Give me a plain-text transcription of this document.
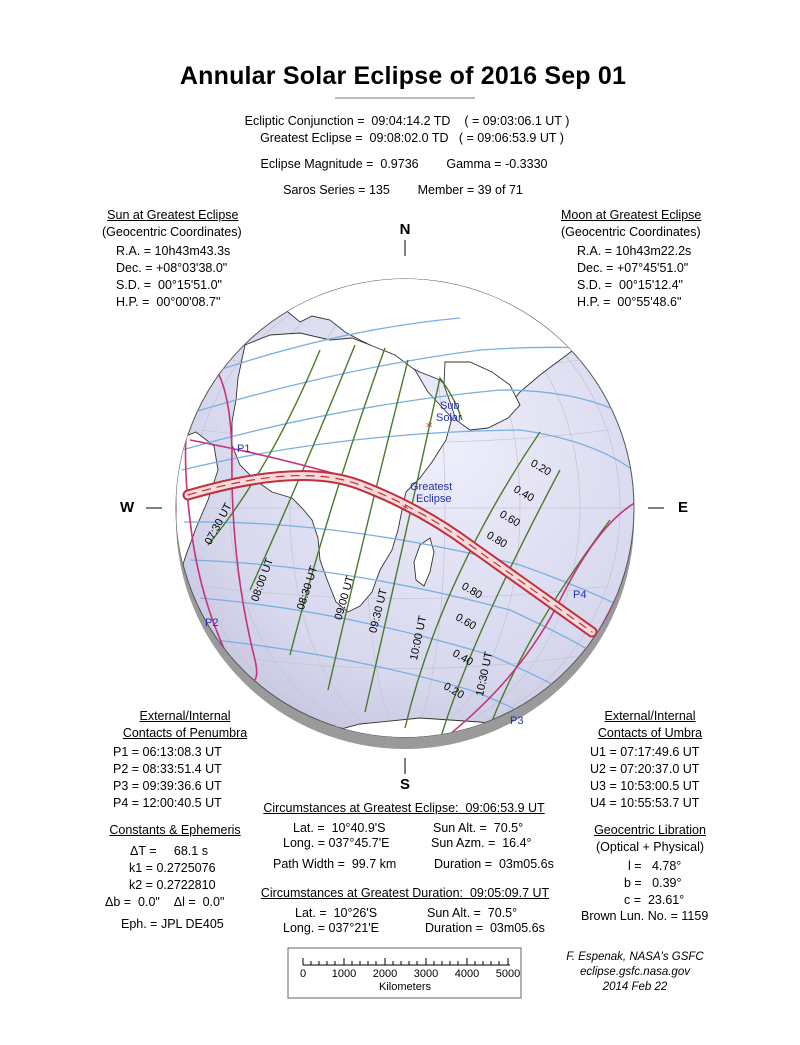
*
*
Sub
Solar
Greatest
Eclipse
P1
P2
P3
P4
07:30 UT
08:00 UT 08:30 UT 09:00 UT 09:30 UT
10:00 UT
10:30 UT
0.20
0.40
0.60
0.80
0.80
0.60
0.40
0.20
N
S
W	E
Annular Solar Eclipse of 2016 Sep 01
Ecliptic Conjunction =  09:04:14.2 TD    ( = 09:03:06.1 UT )
Greatest Eclipse =  09:08:02.0 TD   ( = 09:06:53.9 UT )
Eclipse Magnitude =  0.9736        Gamma = -0.3330
Saros Series = 135        Member = 39 of 71
Sun at Greatest Eclipse
(Geocentric Coordinates)
R.A. = 10h43m43.3s
Dec. = +08°03'38.0"
S.D. =  00°15'51.0"
H.P. =  00°00'08.7"
Moon at Greatest Eclipse
(Geocentric Coordinates)
R.A. = 10h43m22.2s
Dec. = +07°45'51.0"
S.D. =  00°15'12.4"
H.P. =  00°55'48.6"
External/Internal
Contacts of Penumbra
P1 = 06:13:08.3 UT
P2 = 08:33:51.4 UT
P3 = 09:39:36.6 UT
P4 = 12:00:40.5 UT
External/Internal
Contacts of Umbra
U1 = 07:17:49.6 UT
U2 = 07:20:37.0 UT
U3 = 10:53:00.5 UT
U4 = 10:55:53.7 UT
Constants & Ephemeris
ΔT =     68.1 s
k1 = 0.2725076
k2 = 0.2722810
Δb =  0.0"    Δl =  0.0"
Eph. = JPL DE405
Geocentric Libration
(Optical + Physical)
l =   4.78°
b =   0.39°
c =  23.61°
Brown Lun. No. = 1159
Circumstances at Greatest Eclipse:  09:06:53.9 UT
Lat. =  10°40.9'S
Long. = 037°45.7'E
Path Width =  99.7 km
Sun Alt. =  70.5°
Sun Azm. =  16.4°
Duration =  03m05.6s
Circumstances at Greatest Duration:  09:05:09.7 UT
Lat. =  10°26'S
Long. = 037°21'E
Sun Alt. =  70.5°
Duration =  03m05.6s
0 1000 2000 3000 4000 5000
Kilometers
F. Espenak, NASA's GSFC
eclipse.gsfc.nasa.gov
2014 Feb 22
